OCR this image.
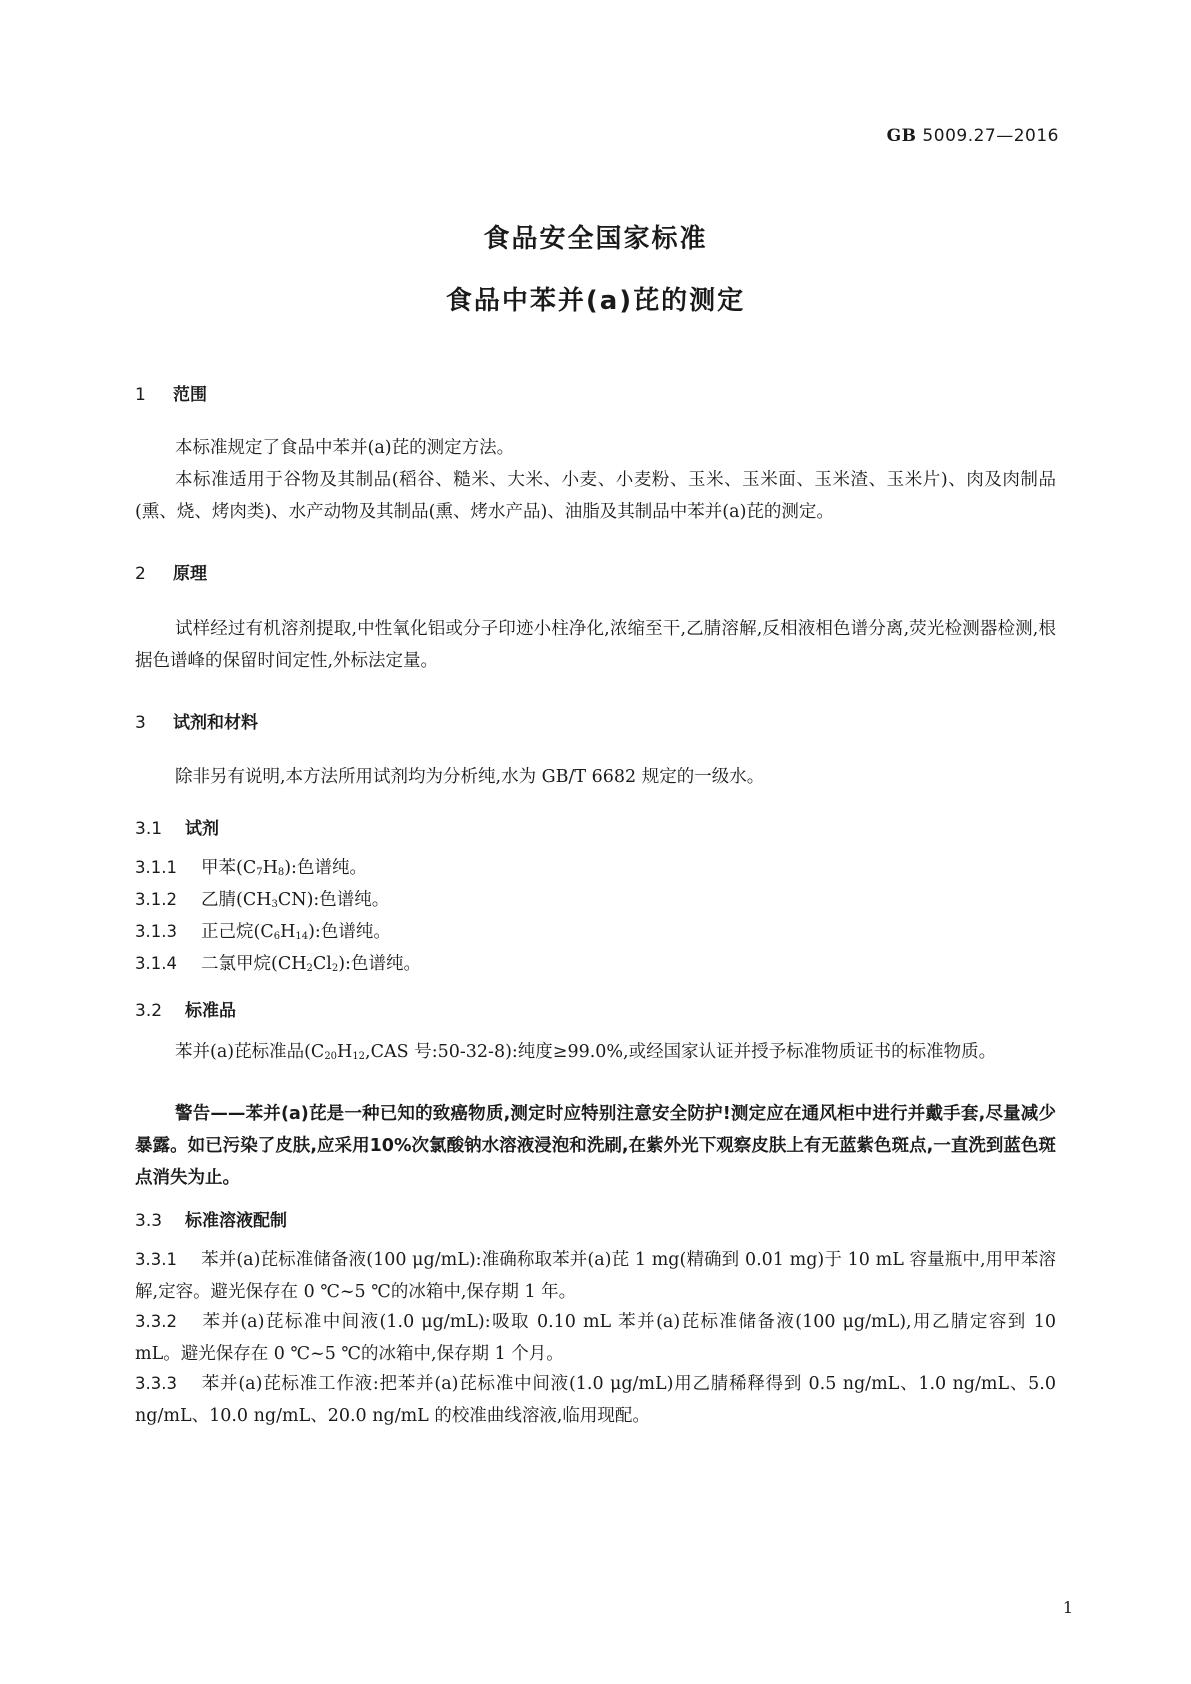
GB 5009.27—2016
食品安全国家标准
食品中苯并(a)芘的测定
1 范围
本标准规定了食品中苯并(a)芘的测定方法。
本标准适用于谷物及其制品(稻谷、糙米、大米、小麦、小麦粉、玉米、玉米面、玉米渣、玉米片)、肉及肉制品(熏、烧、烤肉类)、水产动物及其制品(熏、烤水产品)、油脂及其制品中苯并(a)芘的测定。
2 原理
试样经过有机溶剂提取,中性氧化铝或分子印迹小柱净化,浓缩至干,乙腈溶解,反相液相色谱分离,荧光检测器检测,根据色谱峰的保留时间定性,外标法定量。
3 试剂和材料
除非另有说明,本方法所用试剂均为分析纯,水为 GB/T 6682 规定的一级水。
3.1 试剂
3.1.1 甲苯$(C_7H_8)$:色谱纯。
3.1.2 乙腈$(CH_3CN)$:色谱纯。
3.1.3 正己烷$(C_6H_{14})$:色谱纯。
3.1.4 二氯甲烷$(CH_2Cl_2)$:色谱纯。
3.2 标准品
苯并(a)芘标准品($C_{20}H_{12},CAS$ 号:50-32-8):纯度≥99.0%,或经国家认证并授予标准物质证书的标准物质。
警告——苯并(a)芘是一种已知的致癌物质,测定时应特别注意安全防护!测定应在通风柜中进行并戴手套,尽量减少暴露。如已污染了皮肤,应采用10%次氯酸钠水溶液浸泡和洗刷,在紫外光下观察皮肤上有无蓝紫色斑点,一直洗到蓝色斑点消失为止。
3.3 标准溶液配制
3.3.1 苯并(a)芘标准储备液(100 μg/mL):准确称取苯并(a)芘 1 mg(精确到 0.01 mg)于 10 mL 容量瓶中,用甲苯溶解,定容。避光保存在 0 ℃~5 ℃的冰箱中,保存期 1 年。
3.3.2 苯并(a)芘标准中间液(1.0 μg/mL):吸取 0.10 mL 苯并(a)芘标准储备液(100 μg/mL),用乙腈定容到 10 mL。避光保存在 0 ℃~5 ℃的冰箱中,保存期 1 个月。
3.3.3 苯并(a)芘标准工作液:把苯并(a)芘标准中间液(1.0 μg/mL)用乙腈稀释得到 0.5 ng/mL、1.0 ng/mL、5.0 ng/mL、10.0 ng/mL、20.0 ng/mL 的校准曲线溶液,临用现配。
1
